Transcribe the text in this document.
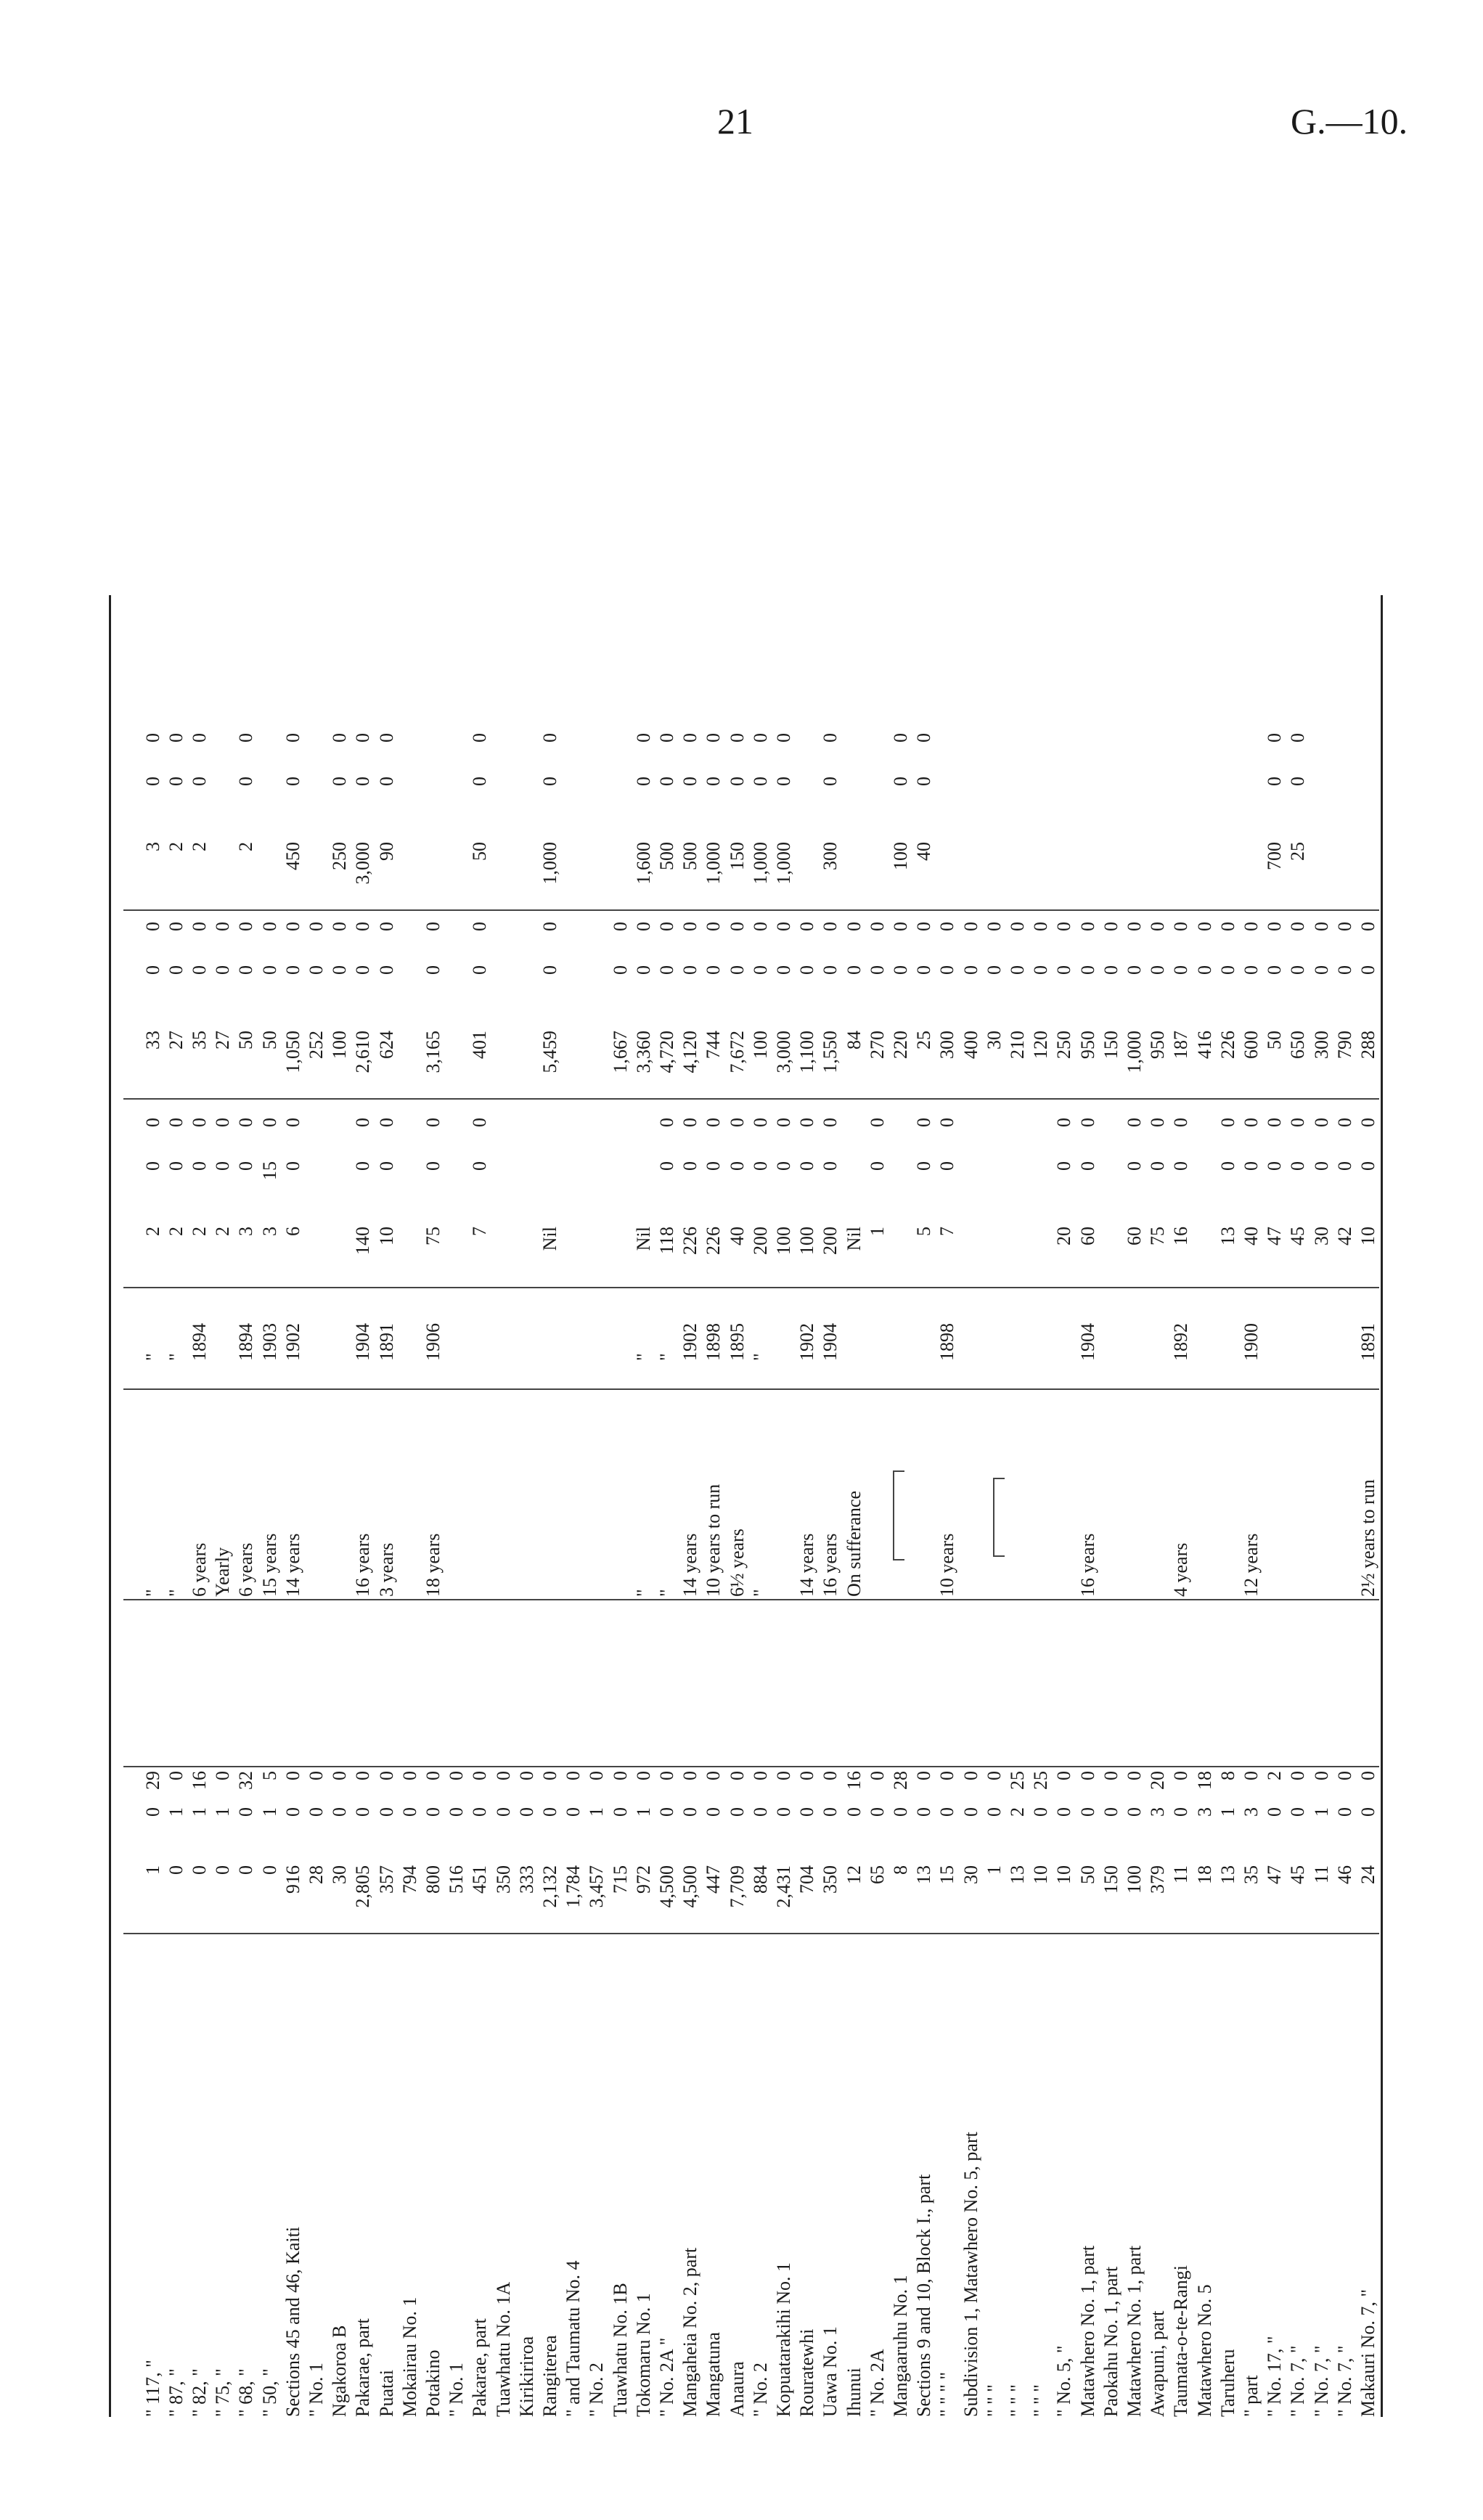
21	G.—10.
Makauri No. 7, "
2½ years to run
1891
24
0
0
10
0
0
288
0
0
" No. 7, "
46
0
0
42
0
0
790
0
0
" No. 7, "
11
1
0
30
0
0
300
0
0
" No. 7, "
45
0
0
45
0
0
650
0
0
25
0
0
" No. 17, "
47
0
2
47
0
0
50
0
0
700
0
0
" part
12 years
1900
35
3
0
40
0
0
600
0
0
Taruheru
13
1
8
13
0
0
226
0
0
Matawhero No. 5
18
3
18
416
0
0
Taumata-o-te-Rangi
4 years
1892
11
0
0
16
0
0
187
0
0
Awapuni, part
379
3
20
75
0
0
950
0
0
Matawhero No. 1, part
100
0
0
60
0
0
1,000
0
0
Paokahu No. 1, part
150
0
0
150
0
0
Matawhero No. 1, part
16 years
1904
50
0
0
60
0
0
950
0
0
" No. 5, "
10
0
0
20
0
0
250
0
0
" " "
10
0
25
120
0
0
" " "
13
2
25
210
0
0
" " "
1
0
0
30
0
0
Subdivision 1, Matawhero No. 5, part
30
0
0
400
0
0
" " " "
10 years
1898
15
0
0
7
0
0
300
0
0
Sections 9 and 10, Block I., part
13
0
0
5
0
0
25
0
0
40
0
0
Mangaaruhu No. 1
8
0
28
220
0
0
100
0
0
" No. 2A
65
0
0
1
0
0
270
0
0
Ihunui
On sufferance
12
0
16
Nil
84
0
0
Uawa No. 1
16 years
1904
350
0
0
200
0
0
1,550
0
0
300
0
0
Rouratewhi
14 years
1902
704
0
0
100
0
0
1,100
0
0
Kopuatarakihi No. 1
2,431
0
0
100
0
0
3,000
0
0
1,000
0
0
" No. 2
"
"
884
0
0
200
0
0
100
0
0
1,000
0
0
Anaura
6½ years
1895
7,709
0
0
40
0
0
7,672
0
0
150
0
0
Mangatuna
10 years to run
1898
447
0
0
226
0
0
744
0
0
1,000
0
0
Mangaheia No. 2, part
14 years
1902
4,500
0
0
226
0
0
4,120
0
0
500
0
0
" No. 2A "
"
"
4,500
0
0
118
0
0
4,720
0
0
500
0
0
Tokomaru No. 1
"
"
972
1
0
Nil
3,360
0
0
1,600
0
0
Tuawhatu No. 1B
715
0
0
1,667
0
0
" No. 2
3,457
1
0
" and Taumatu No. 4
1,784
0
0
Rangiterea
2,132
0
0
Nil
5,459
0
0
1,000
0
0
Kirikiriroa
333
0
0
Tuawhatu No. 1A
350
0
0
Pakarae, part
451
0
0
7
0
0
401
0
0
50
0
0
" No. 1
516
0
0
Potakino
18 years
1906
800
0
0
75
0
0
3,165
0
0
Mokairau No. 1
794
0
0
Puatai
3 years
1891
357
0
0
10
0
0
624
0
0
90
0
0
Pakarae, part
16 years
1904
2,805
0
0
140
0
0
2,610
0
0
3,000
0
0
Ngakoroa B
30
0
0
100
0
0
250
0
0
" No. 1
28
0
0
252
0
0
Sections 45 and 46, Kaiti
14 years
1902
916
0
0
6
0
0
1,050
0
0
450
0
0
" 50, "
15 years
1903
0
1
5
3
15
0
50
0
0
" 68, "
6 years
1894
0
0
32
3
0
0
50
0
0
2
0
0
" 75, "
Yearly
0
1
0
2
0
0
27
0
0
" 82, "
6 years
1894
0
1
16
2
0
0
35
0
0
2
0
0
" 87, "
"
"
0
1
0
2
0
0
27
0
0
2
0
0
" 117, "
"
"
1
0
29
2
0
0
33
0
0
3
0
0
